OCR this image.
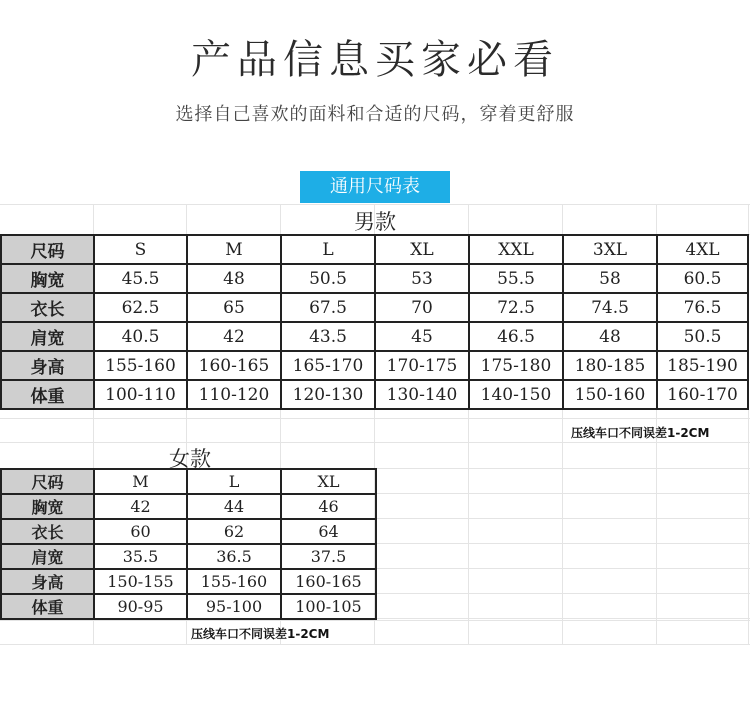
产品信息买家必看
选择自己喜欢的面料和合适的尺码，穿着更舒服
通用尺码表
男款
尺码	S	M	L	XL	XXL	3XL	4XL
胸宽	45.5	48	50.5	53	55.5	58	60.5
衣长	62.5	65	67.5	70	72.5	74.5	76.5
肩宽	40.5	42	43.5	45	46.5	48	50.5
身高	155-160	160-165	165-170	170-175	175-180	180-185	185-190
体重	100-110	110-120	120-130	130-140	140-150	150-160	160-170
压线车口不同误差1-2CM
女款
尺码	M	L	XL
胸宽	42	44	46
衣长	60	62	64
肩宽	35.5	36.5	37.5
身高	150-155	155-160	160-165
体重	90-95	95-100	100-105
压线车口不同误差1-2CM
